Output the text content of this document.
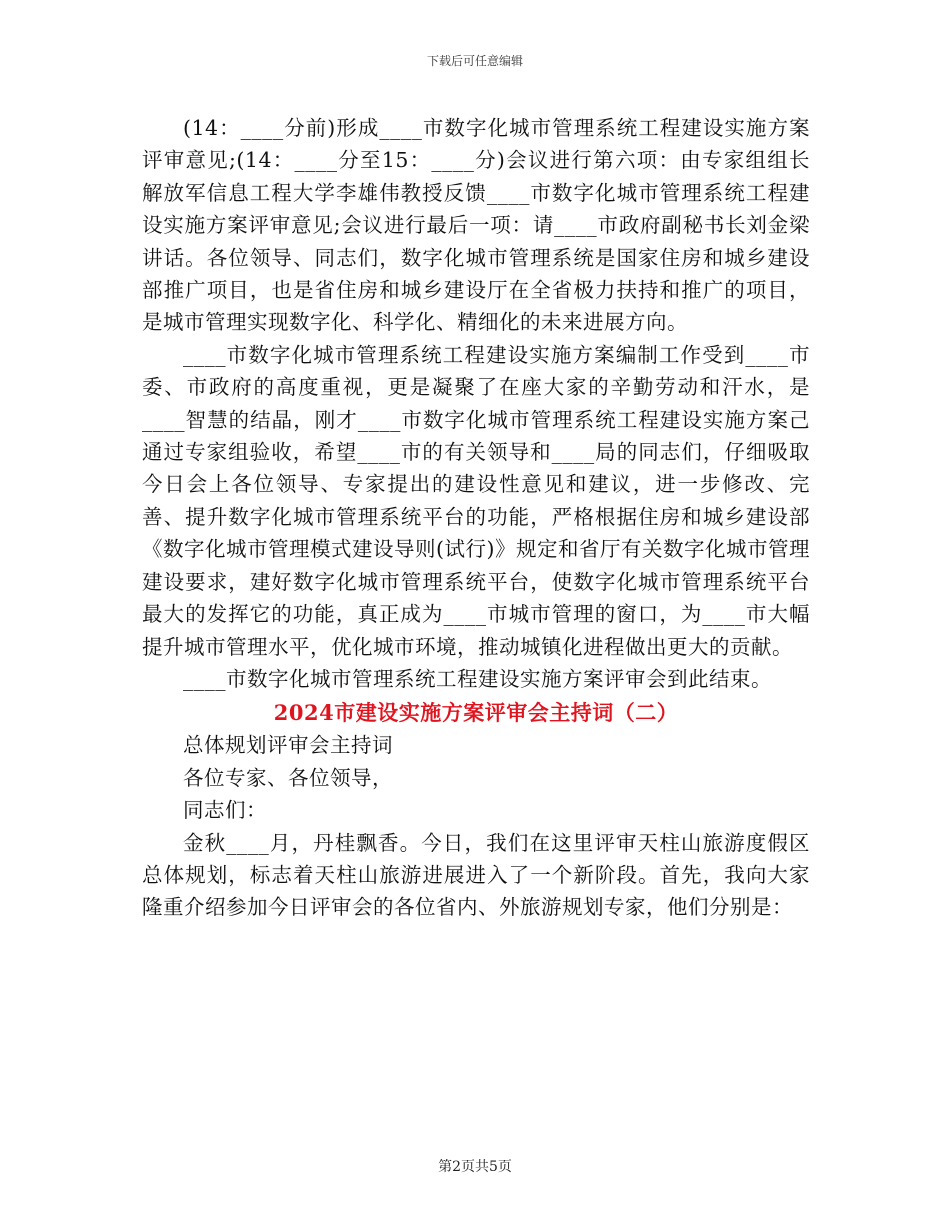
下载后可任意编辑

(14：____分前)形成____市数字化城市管理系统工程建设实施方案评审意见;(14：____分至15：____分)会议进行第六项：由专家组组长解放军信息工程大学李雄伟教授反馈____市数字化城市管理系统工程建设实施方案评审意见;会议进行最后一项：请____市政府副秘书长刘金梁讲话。各位领导、同志们，数字化城市管理系统是国家住房和城乡建设部推广项目，也是省住房和城乡建设厅在全省极力扶持和推广的项目，是城市管理实现数字化、科学化、精细化的未来进展方向。

____市数字化城市管理系统工程建设实施方案编制工作受到____市委、市政府的高度重视，更是凝聚了在座大家的辛勤劳动和汗水，是____智慧的结晶，刚才____市数字化城市管理系统工程建设实施方案己通过专家组验收，希望____市的有关领导和____局的同志们，仔细吸取今日会上各位领导、专家提出的建设性意见和建议，进一步修改、完善、提升数字化城市管理系统平台的功能，严格根据住房和城乡建设部《数字化城市管理模式建设导则(试行)》规定和省厅有关数字化城市管理建设要求，建好数字化城市管理系统平台，使数字化城市管理系统平台最大的发挥它的功能，真正成为____市城市管理的窗口，为____市大幅提升城市管理水平，优化城市环境，推动城镇化进程做出更大的贡献。

____市数字化城市管理系统工程建设实施方案评审会到此结束。

2024市建设实施方案评审会主持词（二）

总体规划评审会主持词

各位专家、各位领导，

同志们：

金秋____月，丹桂飘香。今日，我们在这里评审天柱山旅游度假区总体规划，标志着天柱山旅游进展进入了一个新阶段。首先，我向大家隆重介绍参加今日评审会的各位省内、外旅游规划专家，他们分别是：

第2页共5页
